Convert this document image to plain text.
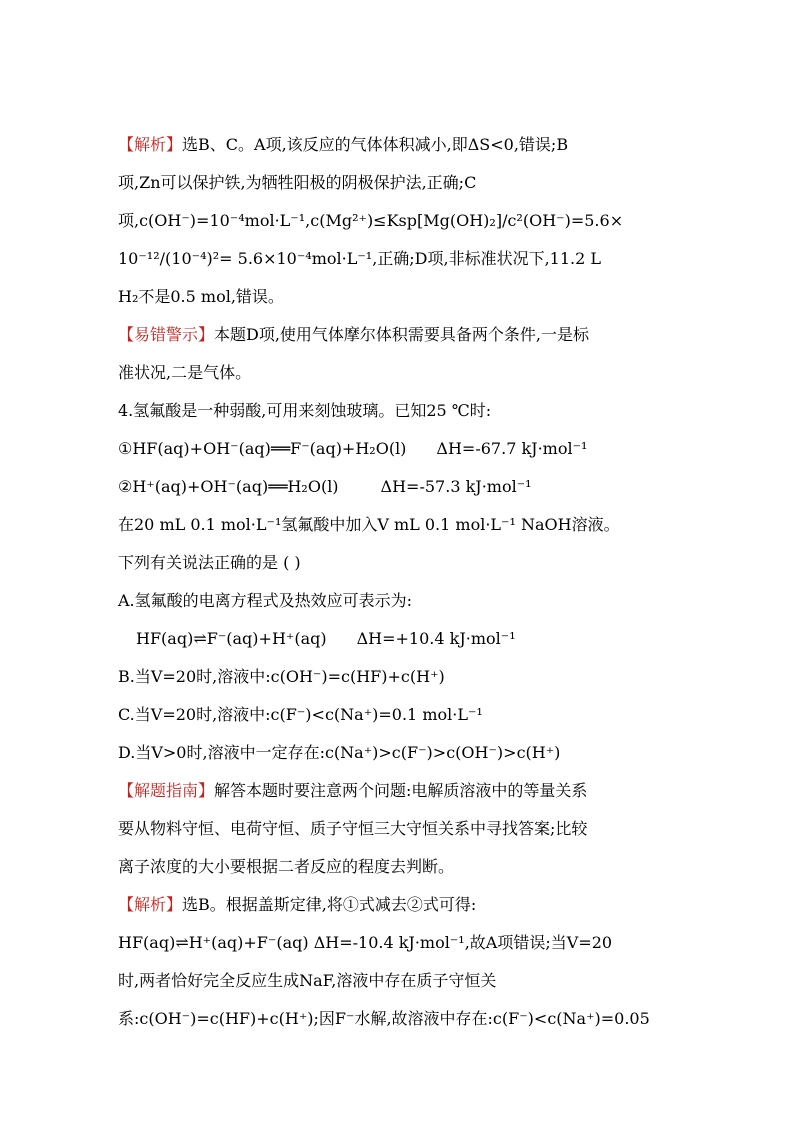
【解析】选B、C。A项,该反应的气体体积减小,即ΔS<0,错误;B
项,Zn可以保护铁,为牺牲阳极的阴极保护法,正确;C
项,c(OH⁻)=10⁻⁴mol·L⁻¹,c(Mg²⁺)≤Ksp[Mg(OH)₂]/c²(OH⁻)=5.6×
10⁻¹²/(10⁻⁴)²= 5.6×10⁻⁴mol·L⁻¹,正确;D项,非标准状况下,11.2 L
H₂不是0.5 mol,错误。
【易错警示】本题D项,使用气体摩尔体积需要具备两个条件,一是标
准状况,二是气体。
4.氢氟酸是一种弱酸,可用来刻蚀玻璃。已知25 ℃时:
①HF(aq)+OH⁻(aq)══F⁻(aq)+H₂O(l) ΔH=-67.7 kJ·mol⁻¹
②H⁺(aq)+OH⁻(aq)══H₂O(l)	ΔH=-57.3 kJ·mol⁻¹
在20 mL 0.1 mol·L⁻¹氢氟酸中加入V mL 0.1 mol·L⁻¹ NaOH溶液。
下列有关说法正确的是 ( )
A.氢氟酸的电离方程式及热效应可表示为:
HF(aq)⇌F⁻(aq)+H⁺(aq) ΔH=+10.4 kJ·mol⁻¹
B.当V=20时,溶液中:c(OH⁻)=c(HF)+c(H⁺)
C.当V=20时,溶液中:c(F⁻)<c(Na⁺)=0.1 mol·L⁻¹
D.当V>0时,溶液中一定存在:c(Na⁺)>c(F⁻)>c(OH⁻)>c(H⁺)
【解题指南】解答本题时要注意两个问题:电解质溶液中的等量关系
要从物料守恒、电荷守恒、质子守恒三大守恒关系中寻找答案;比较
离子浓度的大小要根据二者反应的程度去判断。
【解析】选B。根据盖斯定律,将①式减去②式可得:
HF(aq)⇌H⁺(aq)+F⁻(aq) ΔH=-10.4 kJ·mol⁻¹,故A项错误;当V=20
时,两者恰好完全反应生成NaF,溶液中存在质子守恒关
系:c(OH⁻)=c(HF)+c(H⁺);因F⁻水解,故溶液中存在:c(F⁻)<c(Na⁺)=0.05
